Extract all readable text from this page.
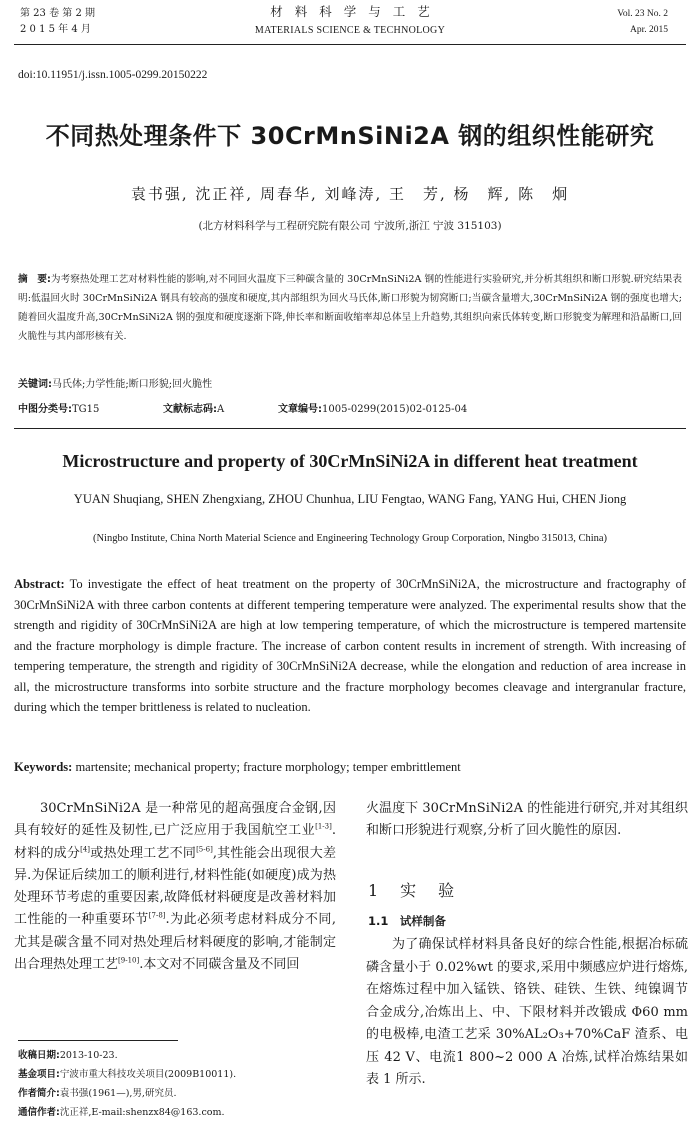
第 23 卷 第 2 期
2 0 1 5 年 4 月
材料科学与工艺
MATERIALS SCIENCE & TECHNOLOGY
Vol. 23 No. 2
Apr. 2015
doi:10.11951/j.issn.1005-0299.20150222
不同热处理条件下 30CrMnSiNi2A 钢的组织性能研究
袁书强, 沈正祥, 周春华, 刘峰涛, 王　芳, 杨　辉, 陈　炯
(北方材料科学与工程研究院有限公司 宁波所,浙江 宁波 315103)
摘　要:为考察热处理工艺对材料性能的影响,对不同回火温度下三种碳含量的 30CrMnSiNi2A 钢的性能进行实验研究,并分析其组织和断口形貌.研究结果表明:低温回火时 30CrMnSiNi2A 钢具有较高的强度和硬度,其内部组织为回火马氏体,断口形貌为韧窝断口;当碳含量增大,30CrMnSiNi2A 钢的强度也增大;随着回火温度升高,30CrMnSiNi2A 钢的强度和硬度逐渐下降,伸长率和断面收缩率却总体呈上升趋势,其组织向索氏体转变,断口形貌变为解理和沿晶断口,回火脆性与其内部形核有关.
关键词:马氏体;力学性能;断口形貌;回火脆性
中图分类号:TG15	文献标志码:A	文章编号:1005-0299(2015)02-0125-04
Microstructure and property of 30CrMnSiNi2A in different heat treatment
YUAN Shuqiang, SHEN Zhengxiang, ZHOU Chunhua, LIU Fengtao, WANG Fang, YANG Hui, CHEN Jiong
(Ningbo Institute, China North Material Science and Engineering Technology Group Corporation, Ningbo 315013, China)
Abstract: To investigate the effect of heat treatment on the property of 30CrMnSiNi2A, the microstructure and fractography of 30CrMnSiNi2A with three carbon contents at different tempering temperature were analyzed. The experimental results show that the strength and rigidity of 30CrMnSiNi2A are high at low tempering temperature, of which the microstructure is tempered martensite and the fracture morphology is dimple fracture. The increase of carbon content results in increment of strength. With increasing of tempering temperature, the strength and rigidity of 30CrMnSiNi2A decrease, while the elongation and reduction of area increase in all, the microstructure transforms into sorbite structure and the fracture morphology becomes cleavage and intergranular fracture, during which the temper brittleness is related to nucleation.
Keywords: martensite; mechanical property; fracture morphology; temper embrittlement
30CrMnSiNi2A 是一种常见的超高强度合金钢,因具有较好的延性及韧性,已广泛应用于我国航空工业[1-3].材料的成分[4]或热处理工艺不同[5-6],其性能会出现很大差异.为保证后续加工的顺利进行,材料性能(如硬度)成为热处理环节考虑的重要因素,故降低材料硬度是改善材料加工性能的一种重要环节[7-8].为此必须考虑材料成分不同,尤其是碳含量不同对热处理后材料硬度的影响,才能制定出合理热处理工艺[9-10].本文对不同碳含量及不同回
火温度下 30CrMnSiNi2A 的性能进行研究,并对其组织和断口形貌进行观察,分析了回火脆性的原因.
1　实　验
1.1　试样制备
为了确保试样材料具备良好的综合性能,根据冶标硫磷含量小于 0.02%wt 的要求,采用中频感应炉进行熔炼,在熔炼过程中加入锰铁、铬铁、硅铁、生铁、纯镍调节合金成分,冶炼出上、中、下限材料并改锻成 Φ60 mm 的电极棒,电渣工艺采 30%AL₂O₃+70%CaF 渣系、电压 42 V、电流1 800~2 000 A 冶炼,试样冶炼结果如表 1 所示.
收稿日期:2013-10-23.
基金项目:宁波市重大科技攻关项目(2009B10011).
作者简介:袁书强(1961—),男,研究员.
通信作者:沈正祥,E-mail:shenzx84@163.com.
